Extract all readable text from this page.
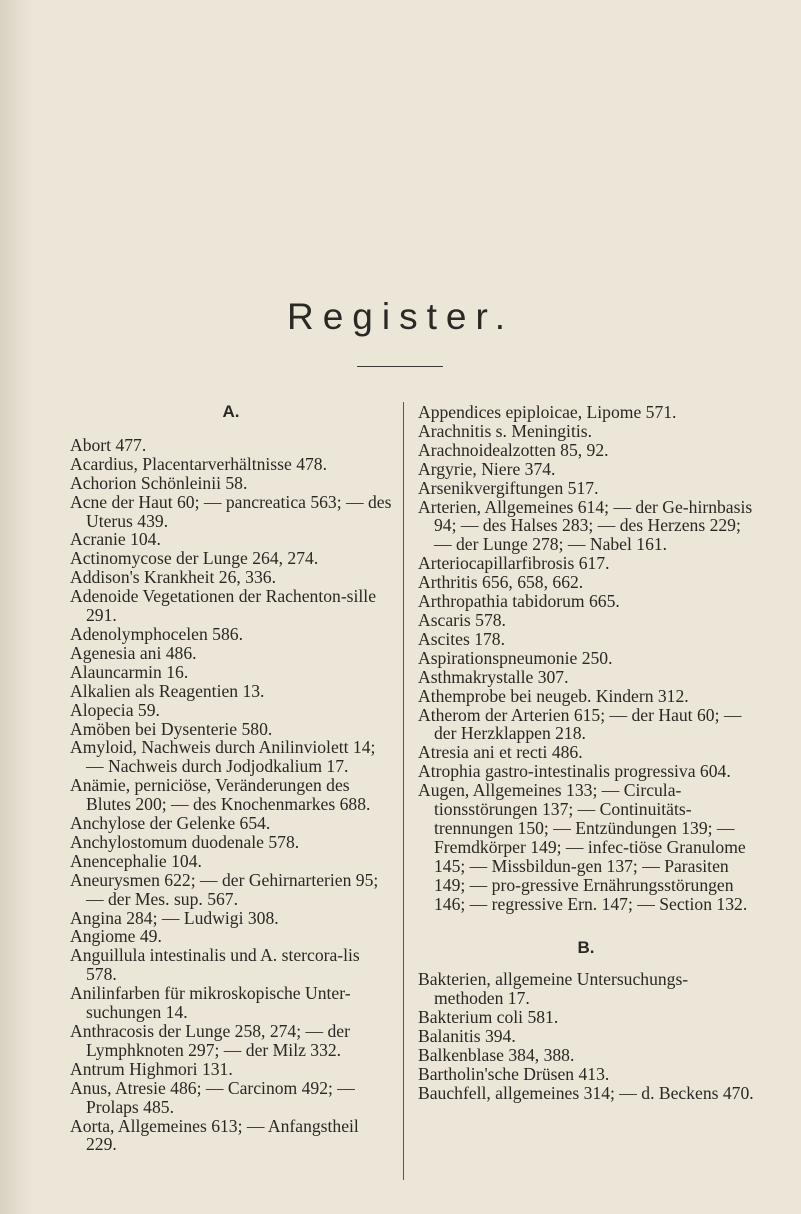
Register.
A.
Abort 477.
Acardius, Placentarverhältnisse 478.
Achorion Schönleinii 58.
Acne der Haut 60; — pancreatica 563; — des Uterus 439.
Acranie 104.
Actinomycose der Lunge 264, 274.
Addison's Krankheit 26, 336.
Adenoide Vegetationen der Rachenton-sille 291.
Adenolymphocelen 586.
Agenesia ani 486.
Alauncarmin 16.
Alkalien als Reagentien 13.
Alopecia 59.
Amöben bei Dysenterie 580.
Amyloid, Nachweis durch Anilinviolett 14; — Nachweis durch Jodjodkalium 17.
Anämie, perniciöse, Veränderungen des Blutes 200; — des Knochenmarkes 688.
Anchylose der Gelenke 654.
Anchylostomum duodenale 578.
Anencephalie 104.
Aneurysmen 622; — der Gehirnarterien 95; — der Mes. sup. 567.
Angina 284; — Ludwigi 308.
Angiome 49.
Anguillula intestinalis und A. stercora-lis 578.
Anilinfarben für mikroskopische Unter-suchungen 14.
Anthracosis der Lunge 258, 274; — der Lymphknoten 297; — der Milz 332.
Antrum Highmori 131.
Anus, Atresie 486; — Carcinom 492; — Prolaps 485.
Aorta, Allgemeines 613; — Anfangstheil 229.
Appendices epiploicae, Lipome 571.
Arachnitis s. Meningitis.
Arachnoidealzotten 85, 92.
Argyrie, Niere 374.
Arsenikvergiftungen 517.
Arterien, Allgemeines 614; — der Ge-hirnbasis 94; — des Halses 283; — des Herzens 229; — der Lunge 278; — Nabel 161.
Arteriocapillarfibrosis 617.
Arthritis 656, 658, 662.
Arthropathia tabidorum 665.
Ascaris 578.
Ascites 178.
Aspirationspneumonie 250.
Asthmakrystalle 307.
Athemprobe bei neugeb. Kindern 312.
Atherom der Arterien 615; — der Haut 60; — der Herzklappen 218.
Atresia ani et recti 486.
Atrophia gastro-intestinalis progressiva 604.
Augen, Allgemeines 133; — Circula-tionsstörungen 137; — Continuitäts-trennungen 150; — Entzündungen 139; — Fremdkörper 149; — infec-tiöse Granulome 145; — Missbildun-gen 137; — Parasiten 149; — pro-gressive Ernährungsstörungen 146; — regressive Ern. 147; — Section 132.
B.
Bakterien, allgemeine Untersuchungs-methoden 17.
Bakterium coli 581.
Balanitis 394.
Balkenblase 384, 388.
Bartholin'sche Drüsen 413.
Bauchfell, allgemeines 314; — d. Beckens 470.
